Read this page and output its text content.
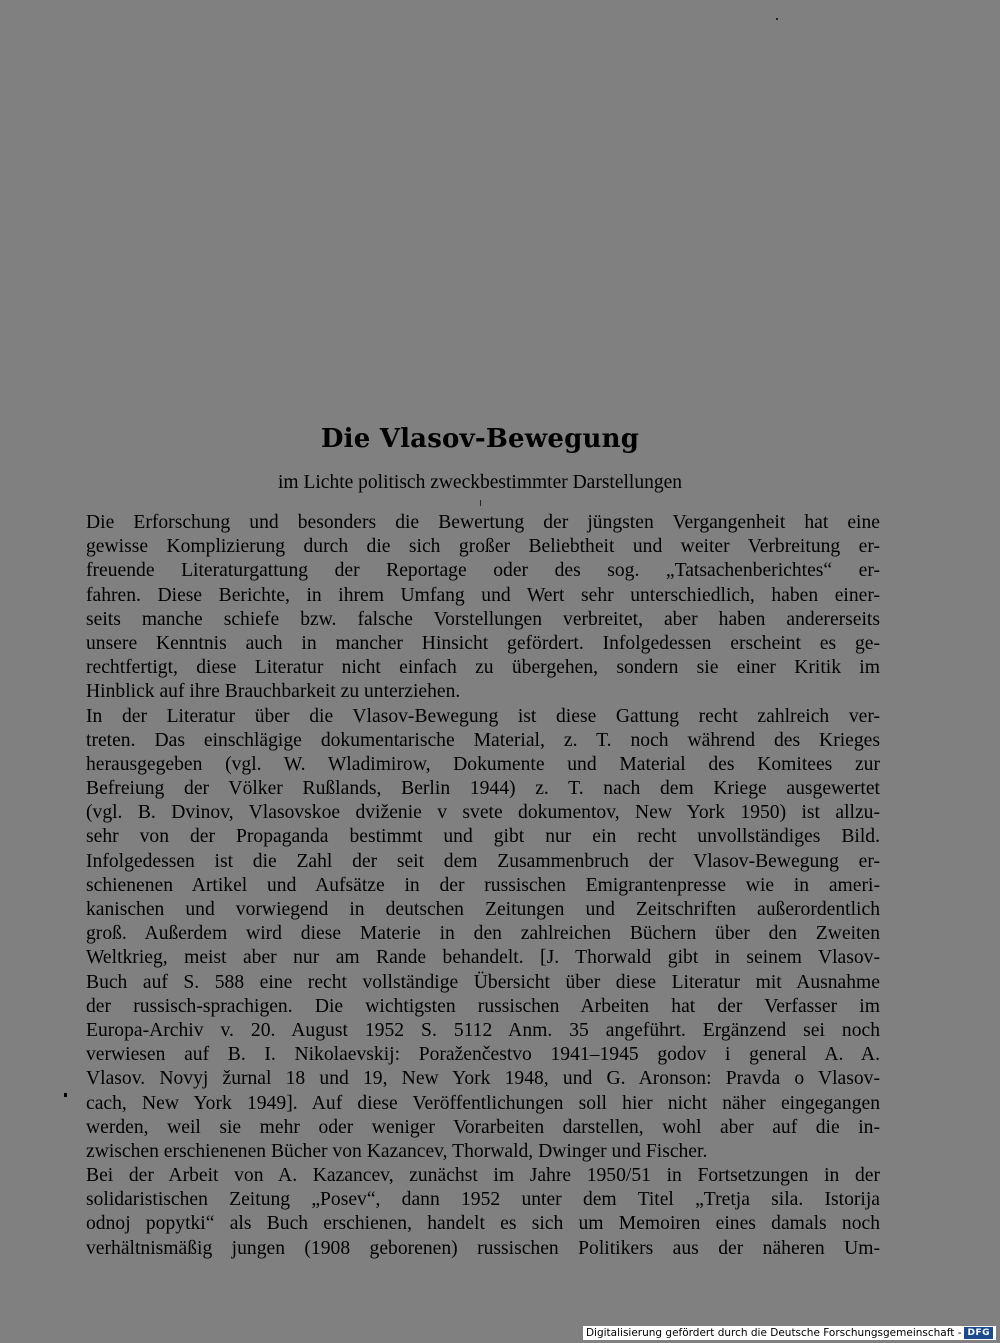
Die Vlasov-Bewegung
im Lichte politisch zweckbestimmter Darstellungen
Die Erforschung und besonders die Bewertung der jüngsten Vergangenheit hat eine
gewisse Komplizierung durch die sich großer Beliebtheit und weiter Verbreitung er-
freuende Literaturgattung der Reportage oder des sog. „Tatsachenberichtes“ er-
fahren. Diese Berichte, in ihrem Umfang und Wert sehr unterschiedlich, haben einer-
seits manche schiefe bzw. falsche Vorstellungen verbreitet, aber haben andererseits
unsere Kenntnis auch in mancher Hinsicht gefördert. Infolgedessen erscheint es ge-
rechtfertigt, diese Literatur nicht einfach zu übergehen, sondern sie einer Kritik im
Hinblick auf ihre Brauchbarkeit zu unterziehen.
In der Literatur über die Vlasov-Bewegung ist diese Gattung recht zahlreich ver-
treten. Das einschlägige dokumentarische Material, z. T. noch während des Krieges
herausgegeben (vgl. W. Wladimirow, Dokumente und Material des Komitees zur
Befreiung der Völker Rußlands, Berlin 1944) z. T. nach dem Kriege ausgewertet
(vgl. B. Dvinov, Vlasovskoe dviženie v svete dokumentov, New York 1950) ist allzu-
sehr von der Propaganda bestimmt und gibt nur ein recht unvollständiges Bild.
Infolgedessen ist die Zahl der seit dem Zusammenbruch der Vlasov-Bewegung er-
schienenen Artikel und Aufsätze in der russischen Emigrantenpresse wie in ameri-
kanischen und vorwiegend in deutschen Zeitungen und Zeitschriften außerordentlich
groß. Außerdem wird diese Materie in den zahlreichen Büchern über den Zweiten
Weltkrieg, meist aber nur am Rande behandelt. [J. Thorwald gibt in seinem Vlasov-
Buch auf S. 588 eine recht vollständige Übersicht über diese Literatur mit Ausnahme
der russisch-sprachigen. Die wichtigsten russischen Arbeiten hat der Verfasser im
Europa-Archiv v. 20. August 1952 S. 5112 Anm. 35 angeführt. Ergänzend sei noch
verwiesen auf B. I. Nikolaevskij: Poraženčestvo 1941–1945 godov i general A. A.
Vlasov. Novyj žurnal 18 und 19, New York 1948, und G. Aronson: Pravda o Vlasov-
cach, New York 1949]. Auf diese Veröffentlichungen soll hier nicht näher eingegangen
werden, weil sie mehr oder weniger Vorarbeiten darstellen, wohl aber auf die in-
zwischen erschienenen Bücher von Kazancev, Thorwald, Dwinger und Fischer.
Bei der Arbeit von A. Kazancev, zunächst im Jahre 1950/51 in Fortsetzungen in der
solidaristischen Zeitung „Posev“, dann 1952 unter dem Titel „Tretja sila. Istorija
odnoj popytki“ als Buch erschienen, handelt es sich um Memoiren eines damals noch
verhältnismäßig jungen (1908 geborenen) russischen Politikers aus der näheren Um-
Digitalisierung gefördert durch die Deutsche Forschungsgemeinschaft - DFG
